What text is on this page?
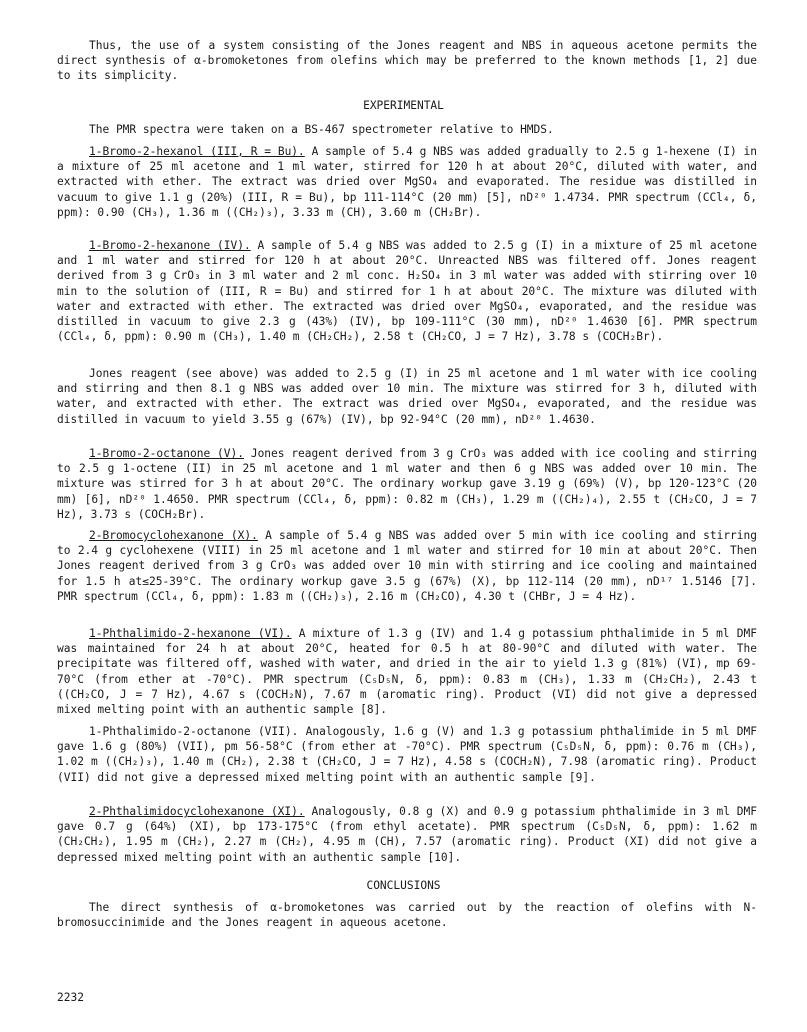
Thus, the use of a system consisting of the Jones reagent and NBS in aqueous acetone permits the direct synthesis of α-bromoketones from olefins which may be preferred to the known methods [1, 2] due to its simplicity.

EXPERIMENTAL

The PMR spectra were taken on a BS-467 spectrometer relative to HMDS.

1-Bromo-2-hexanol (III, R = Bu). A sample of 5.4 g NBS was added gradually to 2.5 g 1-hexene (I) in a mixture of 25 ml acetone and 1 ml water, stirred for 120 h at about 20°C, diluted with water, and extracted with ether. The extract was dried over MgSO₄ and evaporated. The residue was distilled in vacuum to give 1.1 g (20%) (III, R = Bu), bp 111-114°C (20 mm) [5], nD²⁰ 1.4734. PMR spectrum (CCl₄, δ, ppm): 0.90 (CH₃), 1.36 m ((CH₂)₃), 3.33 m (CH), 3.60 m (CH₂Br).

1-Bromo-2-hexanone (IV). A sample of 5.4 g NBS was added to 2.5 g (I) in a mixture of 25 ml acetone and 1 ml water and stirred for 120 h at about 20°C. Unreacted NBS was filtered off. Jones reagent derived from 3 g CrO₃ in 3 ml water and 2 ml conc. H₂SO₄ in 3 ml water was added with stirring over 10 min to the solution of (III, R = Bu) and stirred for 1 h at about 20°C. The mixture was diluted with water and extracted with ether. The extracted was dried over MgSO₄, evaporated, and the residue was distilled in vacuum to give 2.3 g (43%) (IV), bp 109-111°C (30 mm), nD²⁰ 1.4630 [6]. PMR spectrum (CCl₄, δ, ppm): 0.90 m (CH₃), 1.40 m (CH₂CH₂), 2.58 t (CH₂CO, J = 7 Hz), 3.78 s (COCH₂Br).

Jones reagent (see above) was added to 2.5 g (I) in 25 ml acetone and 1 ml water with ice cooling and stirring and then 8.1 g NBS was added over 10 min. The mixture was stirred for 3 h, diluted with water, and extracted with ether. The extract was dried over MgSO₄, evaporated, and the residue was distilled in vacuum to yield 3.55 g (67%) (IV), bp 92-94°C (20 mm), nD²⁰ 1.4630.

1-Bromo-2-octanone (V). Jones reagent derived from 3 g CrO₃ was added with ice cooling and stirring to 2.5 g 1-octene (II) in 25 ml acetone and 1 ml water and then 6 g NBS was added over 10 min. The mixture was stirred for 3 h at about 20°C. The ordinary workup gave 3.19 g (69%) (V), bp 120-123°C (20 mm) [6], nD²⁰ 1.4650. PMR spectrum (CCl₄, δ, ppm): 0.82 m (CH₃), 1.29 m ((CH₂)₄), 2.55 t (CH₂CO, J = 7 Hz), 3.73 s (COCH₂Br).

2-Bromocyclohexanone (X). A sample of 5.4 g NBS was added over 5 min with ice cooling and stirring to 2.4 g cyclohexene (VIII) in 25 ml acetone and 1 ml water and stirred for 10 min at about 20°C. Then Jones reagent derived from 3 g CrO₃ was added over 10 min with stirring and ice cooling and maintained for 1.5 h at≤25-39°C. The ordinary workup gave 3.5 g (67%) (X), bp 112-114 (20 mm), nD¹⁷ 1.5146 [7]. PMR spectrum (CCl₄, δ, ppm): 1.83 m ((CH₂)₃), 2.16 m (CH₂CO), 4.30 t (CHBr, J = 4 Hz).

1-Phthalimido-2-hexanone (VI). A mixture of 1.3 g (IV) and 1.4 g potassium phthalimide in 5 ml DMF was maintained for 24 h at about 20°C, heated for 0.5 h at 80-90°C and diluted with water. The precipitate was filtered off, washed with water, and dried in the air to yield 1.3 g (81%) (VI), mp 69-70°C (from ether at -70°C). PMR spectrum (C₅D₅N, δ, ppm): 0.83 m (CH₃), 1.33 m (CH₂CH₂), 2.43 t ((CH₂CO, J = 7 Hz), 4.67 s (COCH₂N), 7.67 m (aromatic ring). Product (VI) did not give a depressed mixed melting point with an authentic sample [8].

1-Phthalimido-2-octanone (VII). Analogously, 1.6 g (V) and 1.3 g potassium phthalimide in 5 ml DMF gave 1.6 g (80%) (VII), pm 56-58°C (from ether at -70°C). PMR spectrum (C₅D₅N, δ, ppm): 0.76 m (CH₃), 1.02 m ((CH₂)₃), 1.40 m (CH₂), 2.38 t (CH₂CO, J = 7 Hz), 4.58 s (COCH₂N), 7.98 (aromatic ring). Product (VII) did not give a depressed mixed melting point with an authentic sample [9].

2-Phthalimidocyclohexanone (XI). Analogously, 0.8 g (X) and 0.9 g potassium phthalimide in 3 ml DMF gave 0.7 g (64%) (XI), bp 173-175°C (from ethyl acetate). PMR spectrum (C₅D₅N, δ, ppm): 1.62 m (CH₂CH₂), 1.95 m (CH₂), 2.27 m (CH₂), 4.95 m (CH), 7.57 (aromatic ring). Product (XI) did not give a depressed mixed melting point with an authentic sample [10].

CONCLUSIONS

The direct synthesis of α-bromoketones was carried out by the reaction of olefins with N-bromosuccinimide and the Jones reagent in aqueous acetone.

2232
